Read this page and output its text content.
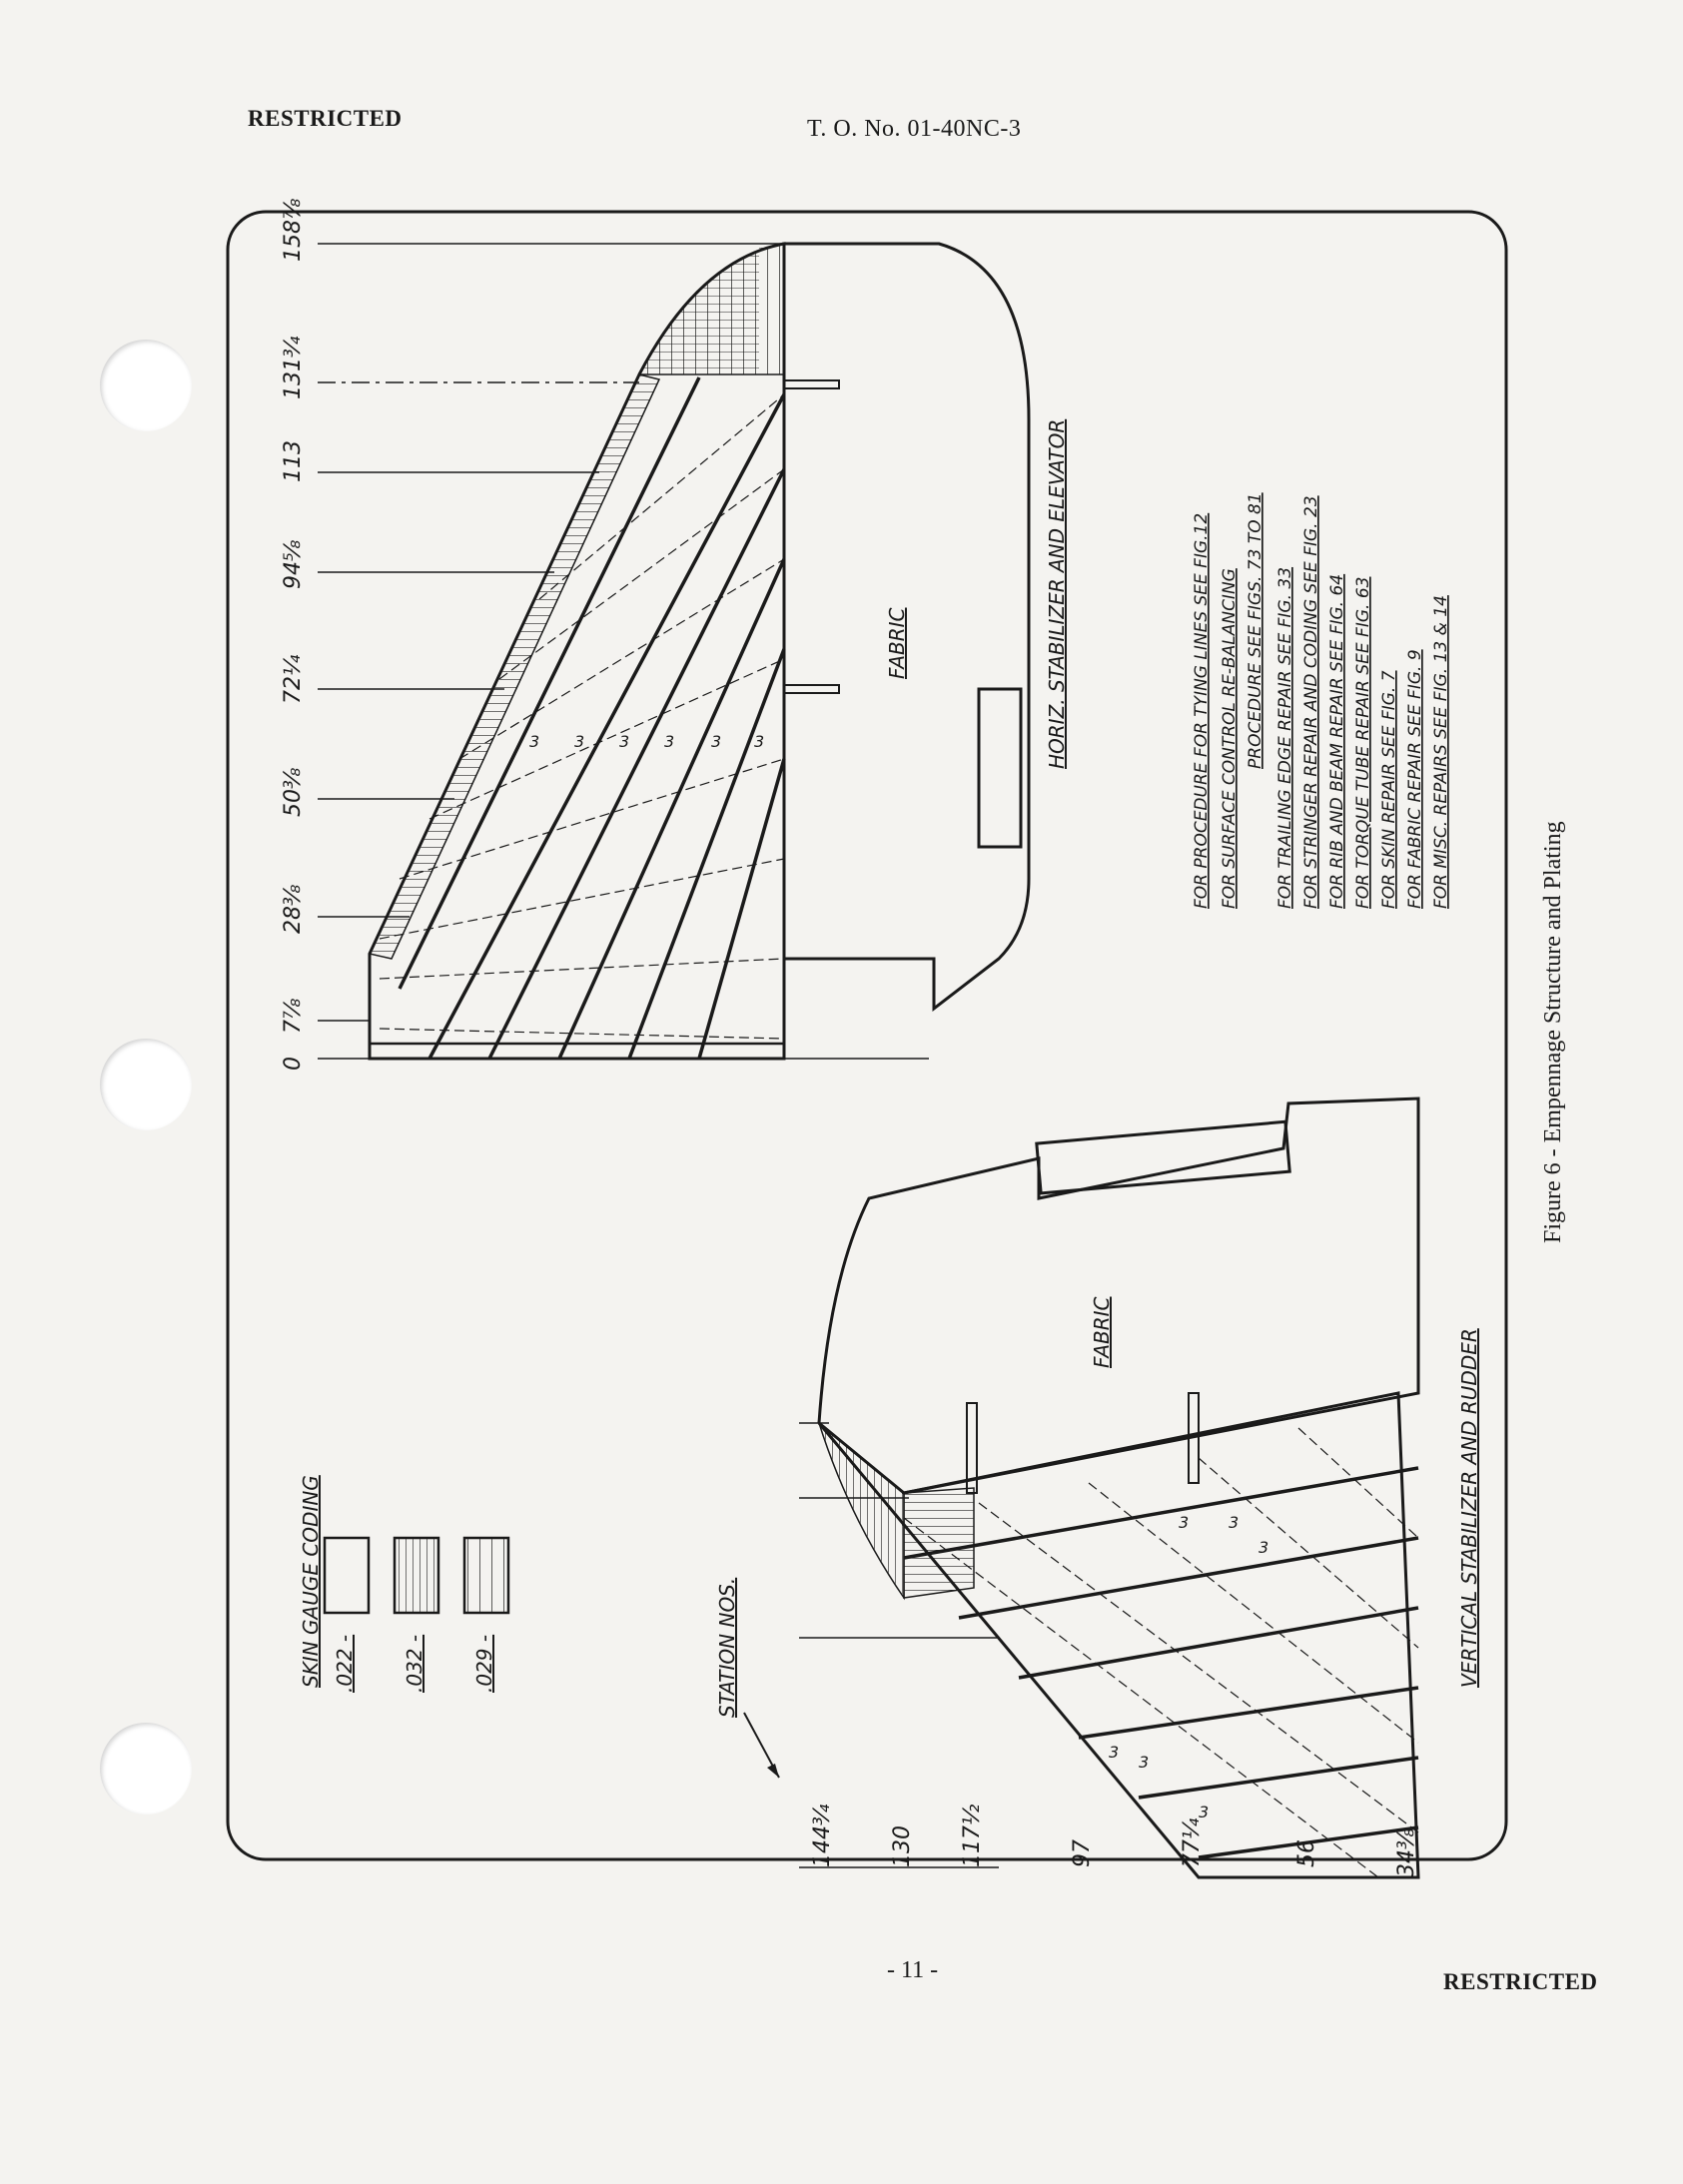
RESTRICTED	T. O. No. 01-40NC-3
3 3 3 3 3 3
3 3
3
3
3
3
0
7⅞
28⅜
50⅜
72¼
94⅝
113
131¾
158⅞
FABRIC	HORIZ. STABILIZER AND ELEVATOR	FOR PROCEDURE FOR TYING LINES SEE FIG.12 FOR SURFACE CONTROL RE-BALANCING PROCEDURE SEE FIGS. 73 TO 81 FOR TRAILING EDGE REPAIR SEE FIG. 33 FOR STRINGER REPAIR AND CODING SEE FIG. 23 FOR RIB AND BEAM REPAIR SEE FIG. 64 FOR TORQUE TUBE REPAIR SEE FIG. 63 FOR SKIN REPAIR SEE FIG. 7 FOR FABRIC REPAIR SEE FIG. 9 FOR MISC. REPAIRS SEE FIG. 13 & 14
SKIN GAUGE CODING .022 - .032 - .029 -	STATION NOS.
144¾	130 117½	97	77¼	56	34⅜
FABRIC	VERTICAL STABILIZER AND RUDDER
Figure 6 - Empennage Structure and Plating
- 11 -	RESTRICTED
